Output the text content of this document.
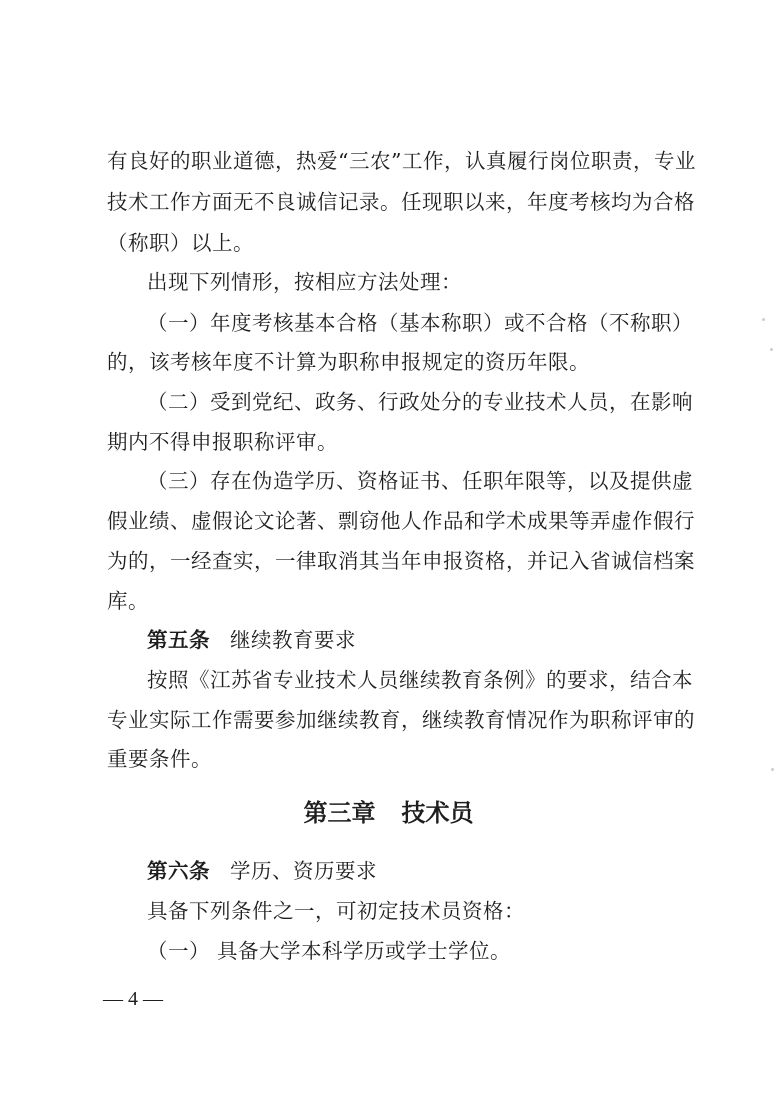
有良好的职业道德，热爱“三农”工作，认真履行岗位职责，专业
技术工作方面无不良诚信记录。任现职以来，年度考核均为合格
（称职）以上。
出现下列情形，按相应方法处理：
（一）年度考核基本合格（基本称职）或不合格（不称职）
的，该考核年度不计算为职称申报规定的资历年限。
（二）受到党纪、政务、行政处分的专业技术人员，在影响
期内不得申报职称评审。
（三）存在伪造学历、资格证书、任职年限等，以及提供虚
假业绩、虚假论文论著、剽窃他人作品和学术成果等弄虚作假行
为的，一经查实，一律取消其当年申报资格，并记入省诚信档案
库。
第五条 继续教育要求
按照《江苏省专业技术人员继续教育条例》的要求，结合本
专业实际工作需要参加继续教育，继续教育情况作为职称评审的
重要条件。
第三章 技术员
第六条 学历、资历要求
具备下列条件之一，可初定技术员资格：
（一） 具备大学本科学历或学士学位。
— 4 —
